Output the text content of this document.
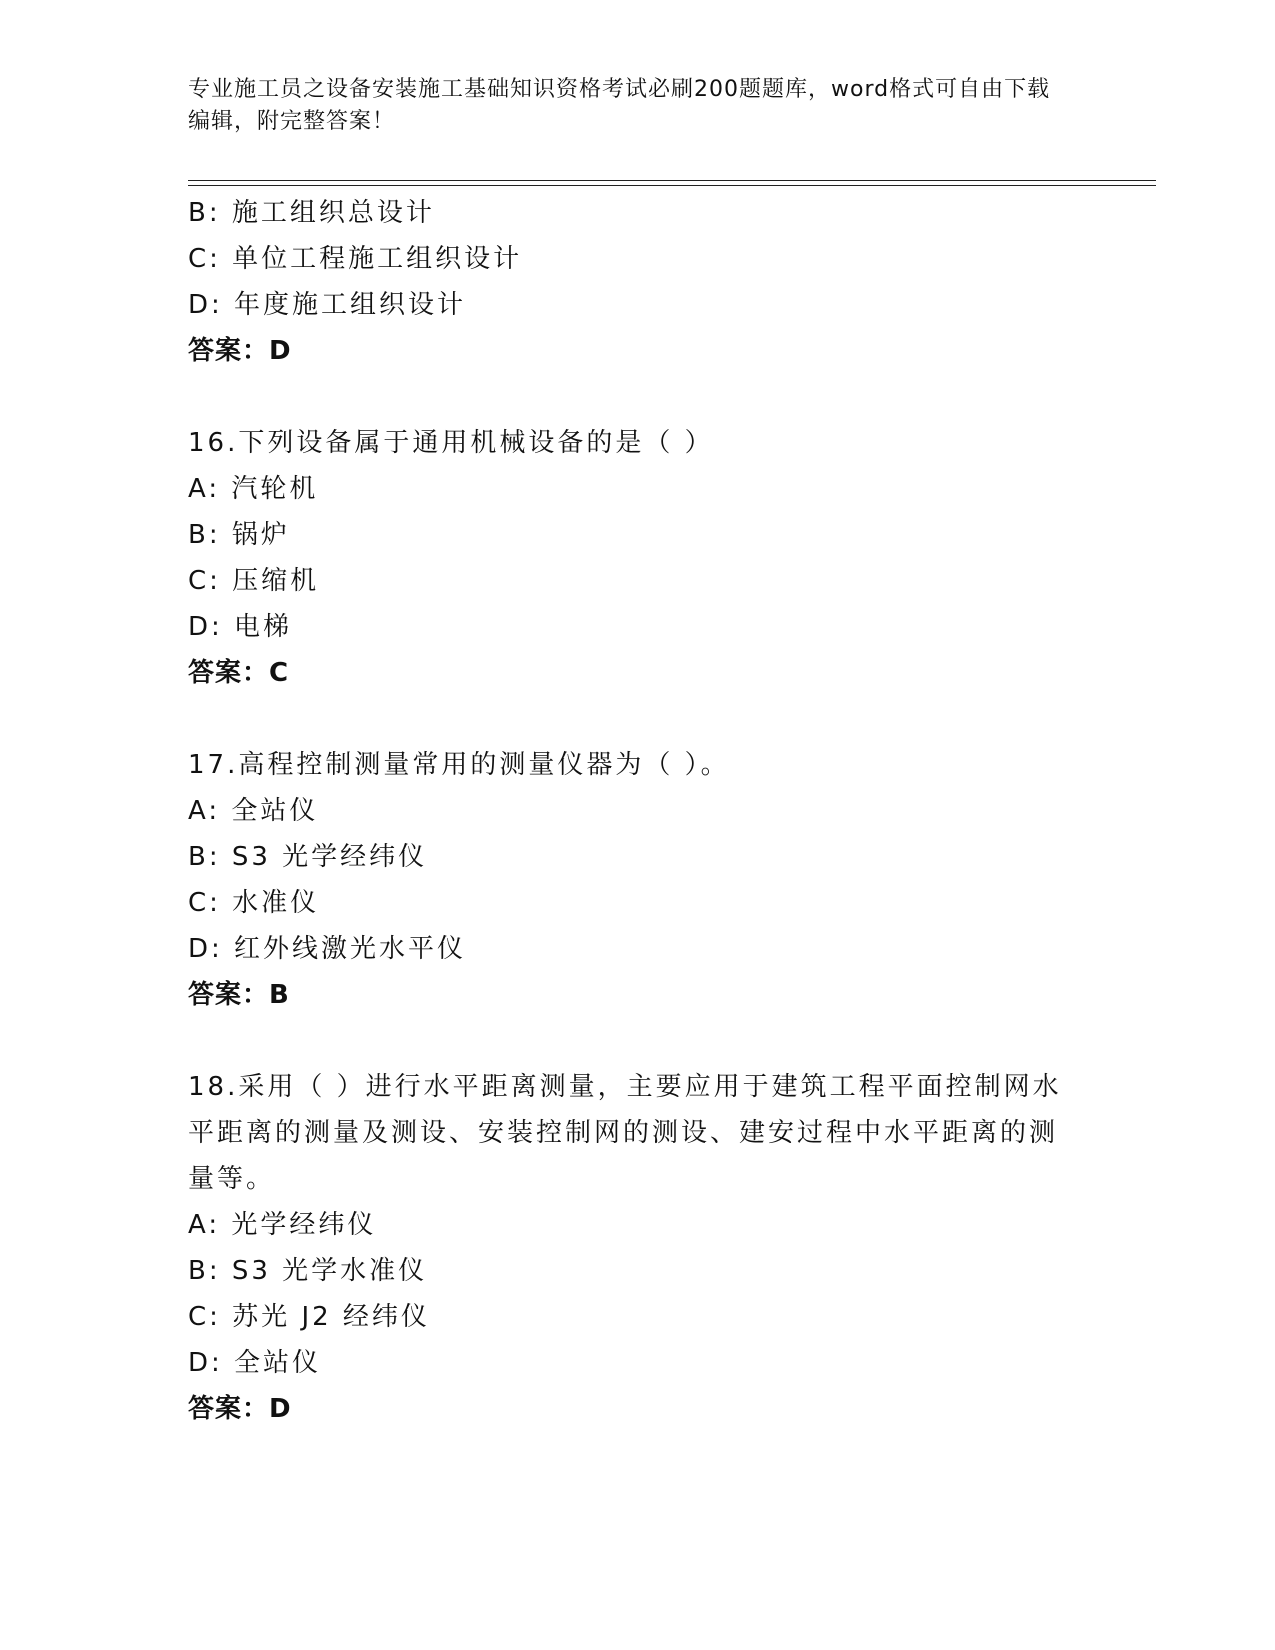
专业施工员之设备安装施工基础知识资格考试必刷200题题库，word格式可自由下载编辑，附完整答案！
B: 施工组织总设计
C: 单位工程施工组织设计
D: 年度施工组织设计
答案：D
16.下列设备属于通用机械设备的是（ ）
A: 汽轮机
B: 锅炉
C: 压缩机
D: 电梯
答案：C
17.高程控制测量常用的测量仪器为（ ）。
A: 全站仪
B: S3 光学经纬仪
C: 水准仪
D: 红外线激光水平仪
答案：B
18.采用（ ）进行水平距离测量，主要应用于建筑工程平面控制网水平距离的测量及测设、安装控制网的测设、建安过程中水平距离的测量等。
A: 光学经纬仪
B: S3 光学水准仪
C: 苏光 J2 经纬仪
D: 全站仪
答案：D
